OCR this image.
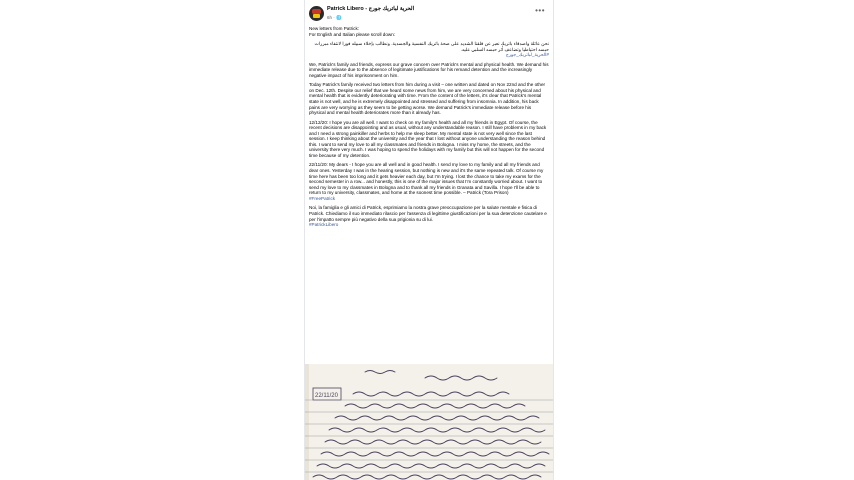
Patrick Libero - الحرية لباتريك جورج
6h · 🌐
•••
New letters from Patrick:
For English and Italian please scroll down:
نحن عائلة واصدقاء باتريك نعبر عن قلقنا الشديد على صحة باتريك النفسية والجسدية. ونطالب بإخلاء سبيله فورا لانتفاء مبررات حبسه احتياطيا وتضاعف أثر حبسه السلبي عليه.
#الحرية_لباتريك_جورج
We, Patrick's family and friends, express our grave concern over Patrick's mental and physical health. We demand his immediate release due to the absence of legitimate justifications for his remand detention and the increasingly negative impact of his imprisonment on him.
Today Patrick's family received two letters from him during a visit – one written and dated on Nov 22nd and the other on Dec. 12th. Despite our relief that we heard some news from him, we are very concerned about his physical and mental health that is evidently deteriorating with time. From the content of the letters, it's clear that Patrick's mental state is not well, and he is extremely disappointed and stressed and suffering from insomnia. In addition, his back pains are very worrying as they seem to be getting worse. We demand Patrick's immediate release before his physical and mental health deteriorates more than it already has.
12/12/20: I hope you are all well. I want to check on my family's health and all my friends in Egypt. Of course, the recent decisions are disappointing and as usual, without any understandable reason. I still have problems in my back and I need a strong painkiller and herbs to help me sleep better. My mental state is not very well since the last session. I keep thinking about the university and the year that I lost without anyone understanding the reason behind this. I want to send my love to all my classmates and friends in Bologna. I miss my home, the streets, and the university there very much. I was hoping to spend the holidays with my family but this will not happen for the second time because of my detention.
22/11/20: My dears - I hope you are all well and in good health. I send my love to my family and all my friends and dear ones. Yesterday I was in the hearing session, but nothing is new and it's the same repeated talk. Of course my time here has been too long and it gets heavier each day, but I'm trying. I lost the chance to take my exams for the second semester in a row... and honestly, this is one of the major issues that I'm constantly worried about. I want to send my love to my classmates in Bologna and to thank all my friends in Granata and Savilla. I hope I'll be able to return to my university, classmates, and home at the soonest time possible. – Patrick (Tora Prison)
#FreePatrick
Noi, la famiglia e gli amici di Patrick, esprimiamo la nostra grave preoccupazione per la salute mentale e fisica di Patrick. Chiediamo il suo immediato rilascio per l'assenza di legittime giustificazioni per la sua detenzione cautelare e per l'impatto sempre più negativo della sua prigionia su di lui.
#PatrickLibero
22/11/20
